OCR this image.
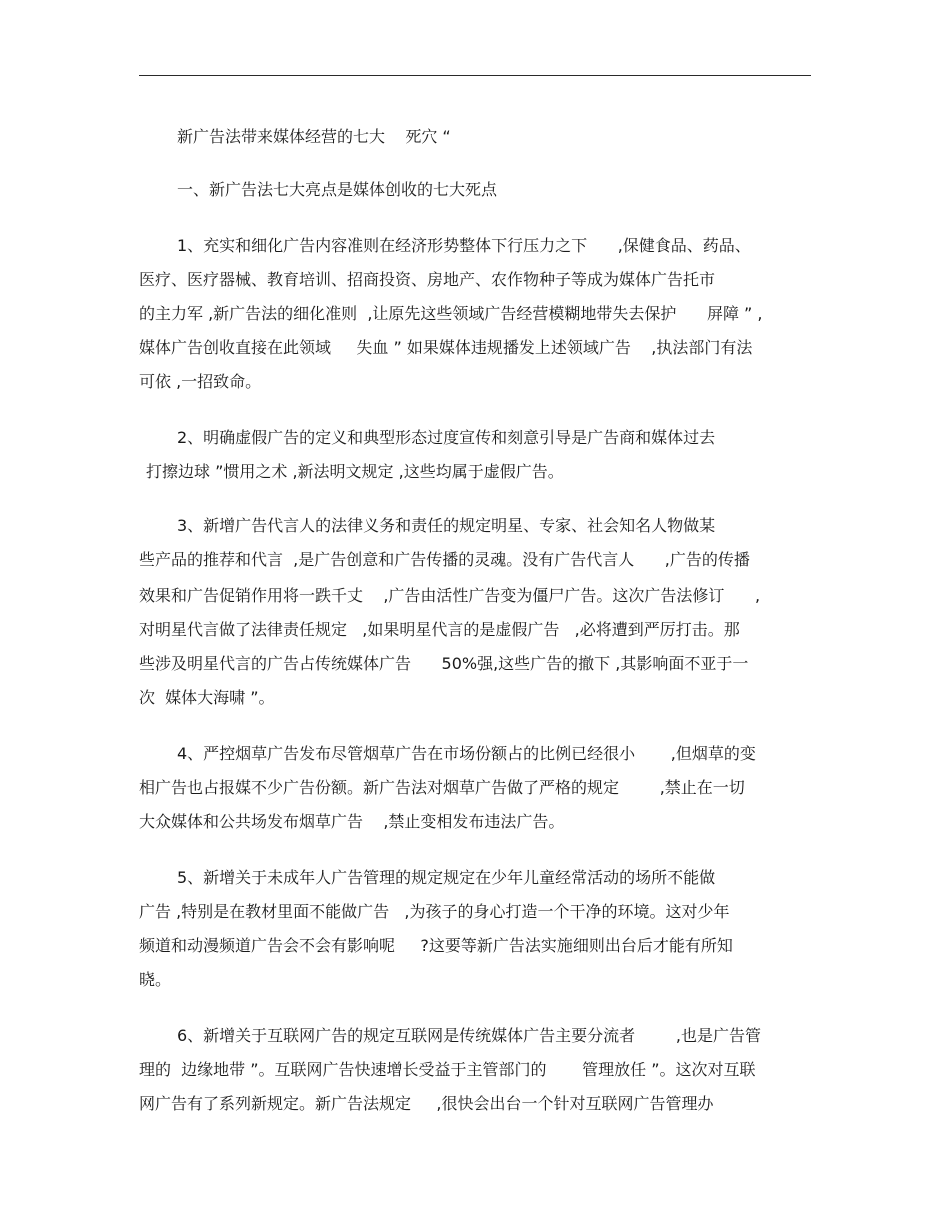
新广告法带来媒体经营的七大    死穴 “
一、新广告法七大亮点是媒体创收的七大死点
1、充实和细化广告内容准则在经济形势整体下行压力之下      ,保健食品、药品、
医疗、医疗器械、教育培训、招商投资、房地产、农作物种子等成为媒体广告托市
的主力军 ,新广告法的细化准则  ,让原先这些领域广告经营模糊地带失去保护      屏障 ” ,
媒体广告创收直接在此领域     失血 ” 如果媒体违规播发上述领域广告    ,执法部门有法
可依 ,一招致命。
2、明确虚假广告的定义和典型形态过度宣传和刻意引导是广告商和媒体过去
打擦边球 ”惯用之术 ,新法明文规定 ,这些均属于虚假广告。
3、新增广告代言人的法律义务和责任的规定明星、专家、社会知名人物做某
些产品的推荐和代言  ,是广告创意和广告传播的灵魂。没有广告代言人      ,广告的传播
效果和广告促销作用将一跌千丈    ,广告由活性广告变为僵尸广告。这次广告法修订      ,
对明星代言做了法律责任规定   ,如果明星代言的是虚假广告   ,必将遭到严厉打击。那
些涉及明星代言的广告占传统媒体广告      50%强,这些广告的撤下 ,其影响面不亚于一
次  媒体大海啸 ”。
4、严控烟草广告发布尽管烟草广告在市场份额占的比例已经很小       ,但烟草的变
相广告也占报媒不少广告份额。新广告法对烟草广告做了严格的规定        ,禁止在一切
大众媒体和公共场发布烟草广告    ,禁止变相发布违法广告。
5、新增关于未成年人广告管理的规定规定在少年儿童经常活动的场所不能做
广告 ,特别是在教材里面不能做广告   ,为孩子的身心打造一个干净的环境。这对少年
频道和动漫频道广告会不会有影响呢     ?这要等新广告法实施细则出台后才能有所知
晓。
6、新增关于互联网广告的规定互联网是传统媒体广告主要分流者        ,也是广告管
理的  边缘地带 ”。互联网广告快速增长受益于主管部门的       管理放任 ”。这次对互联
网广告有了系列新规定。新广告法规定     ,很快会出台一个针对互联网广告管理办
